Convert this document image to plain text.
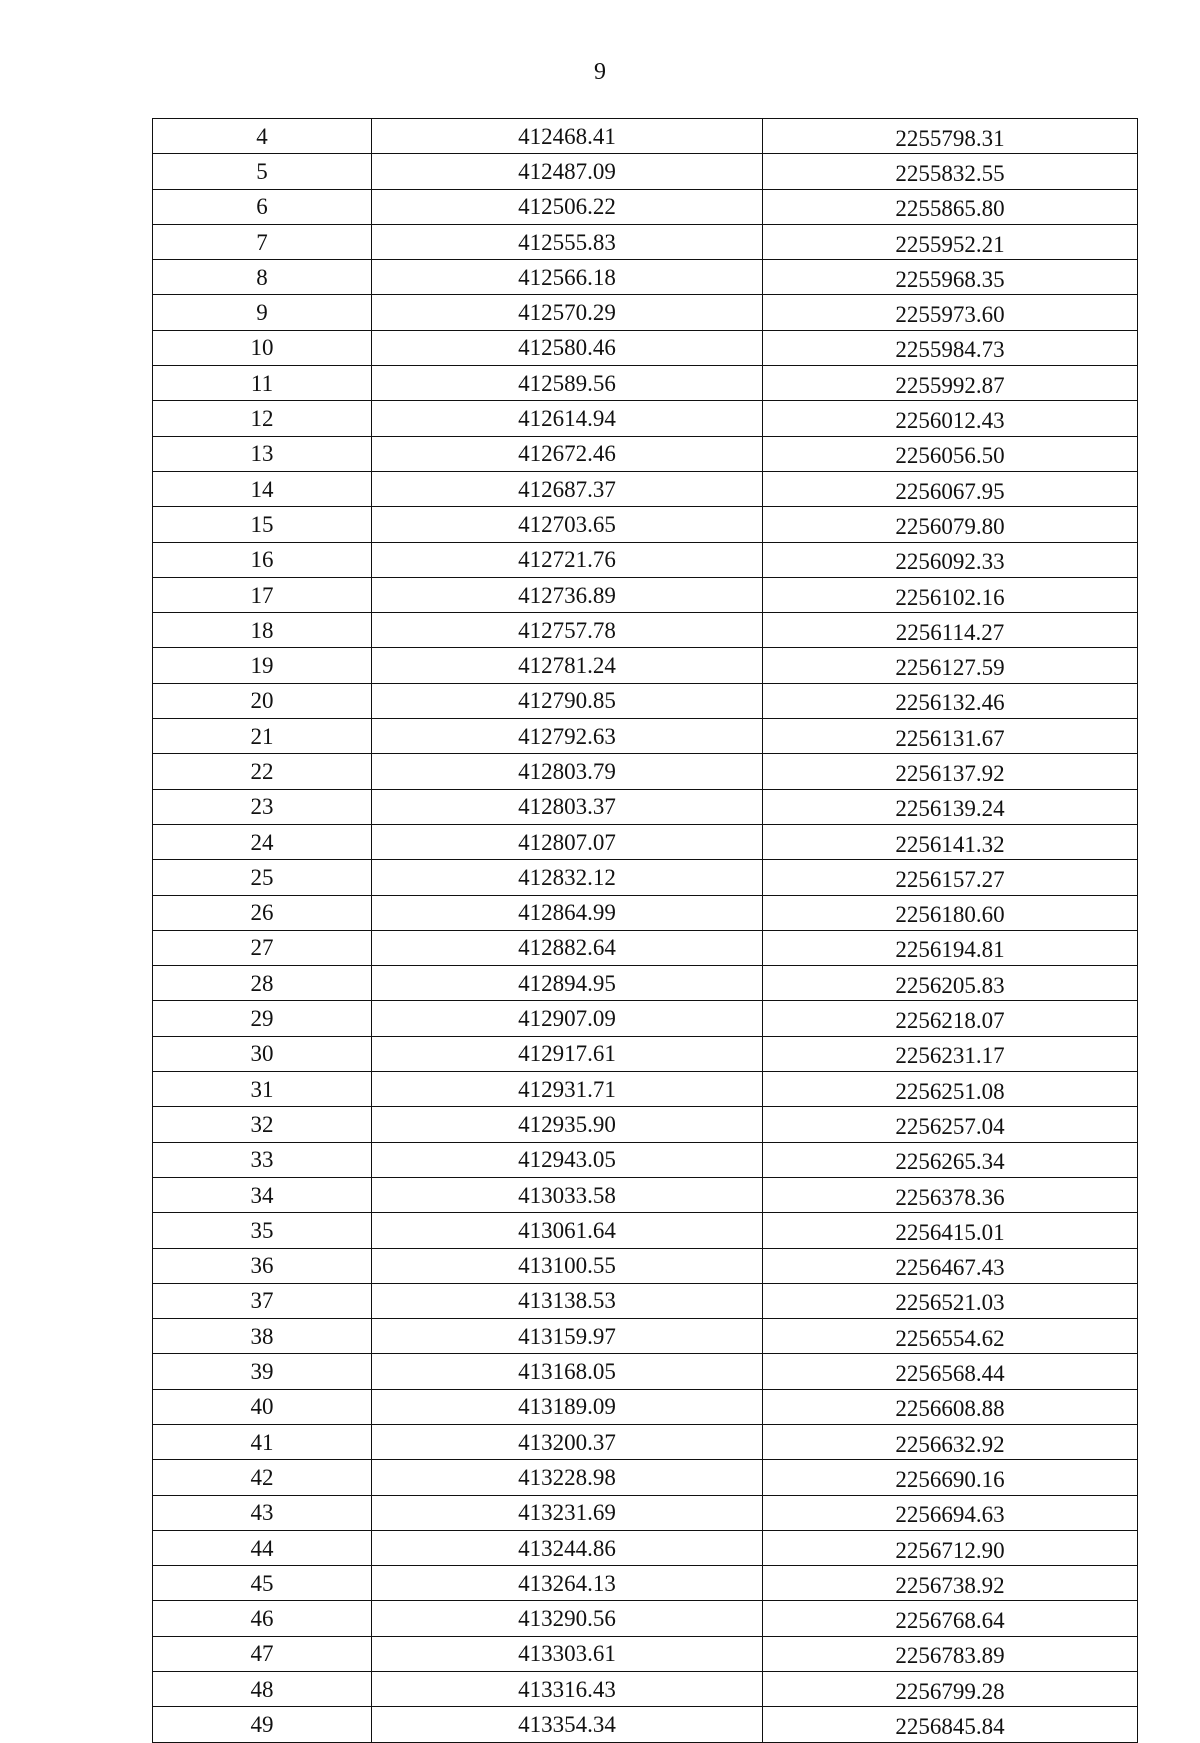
9
4	412468.41	2255798.31
5	412487.09	2255832.55
6	412506.22	2255865.80
7	412555.83	2255952.21
8	412566.18	2255968.35
9	412570.29	2255973.60
10	412580.46	2255984.73
11	412589.56	2255992.87
12	412614.94	2256012.43
13	412672.46	2256056.50
14	412687.37	2256067.95
15	412703.65	2256079.80
16	412721.76	2256092.33
17	412736.89	2256102.16
18	412757.78	2256114.27
19	412781.24	2256127.59
20	412790.85	2256132.46
21	412792.63	2256131.67
22	412803.79	2256137.92
23	412803.37	2256139.24
24	412807.07	2256141.32
25	412832.12	2256157.27
26	412864.99	2256180.60
27	412882.64	2256194.81
28	412894.95	2256205.83
29	412907.09	2256218.07
30	412917.61	2256231.17
31	412931.71	2256251.08
32	412935.90	2256257.04
33	412943.05	2256265.34
34	413033.58	2256378.36
35	413061.64	2256415.01
36	413100.55	2256467.43
37	413138.53	2256521.03
38	413159.97	2256554.62
39	413168.05	2256568.44
40	413189.09	2256608.88
41	413200.37	2256632.92
42	413228.98	2256690.16
43	413231.69	2256694.63
44	413244.86	2256712.90
45	413264.13	2256738.92
46	413290.56	2256768.64
47	413303.61	2256783.89
48	413316.43	2256799.28
49	413354.34	2256845.84
